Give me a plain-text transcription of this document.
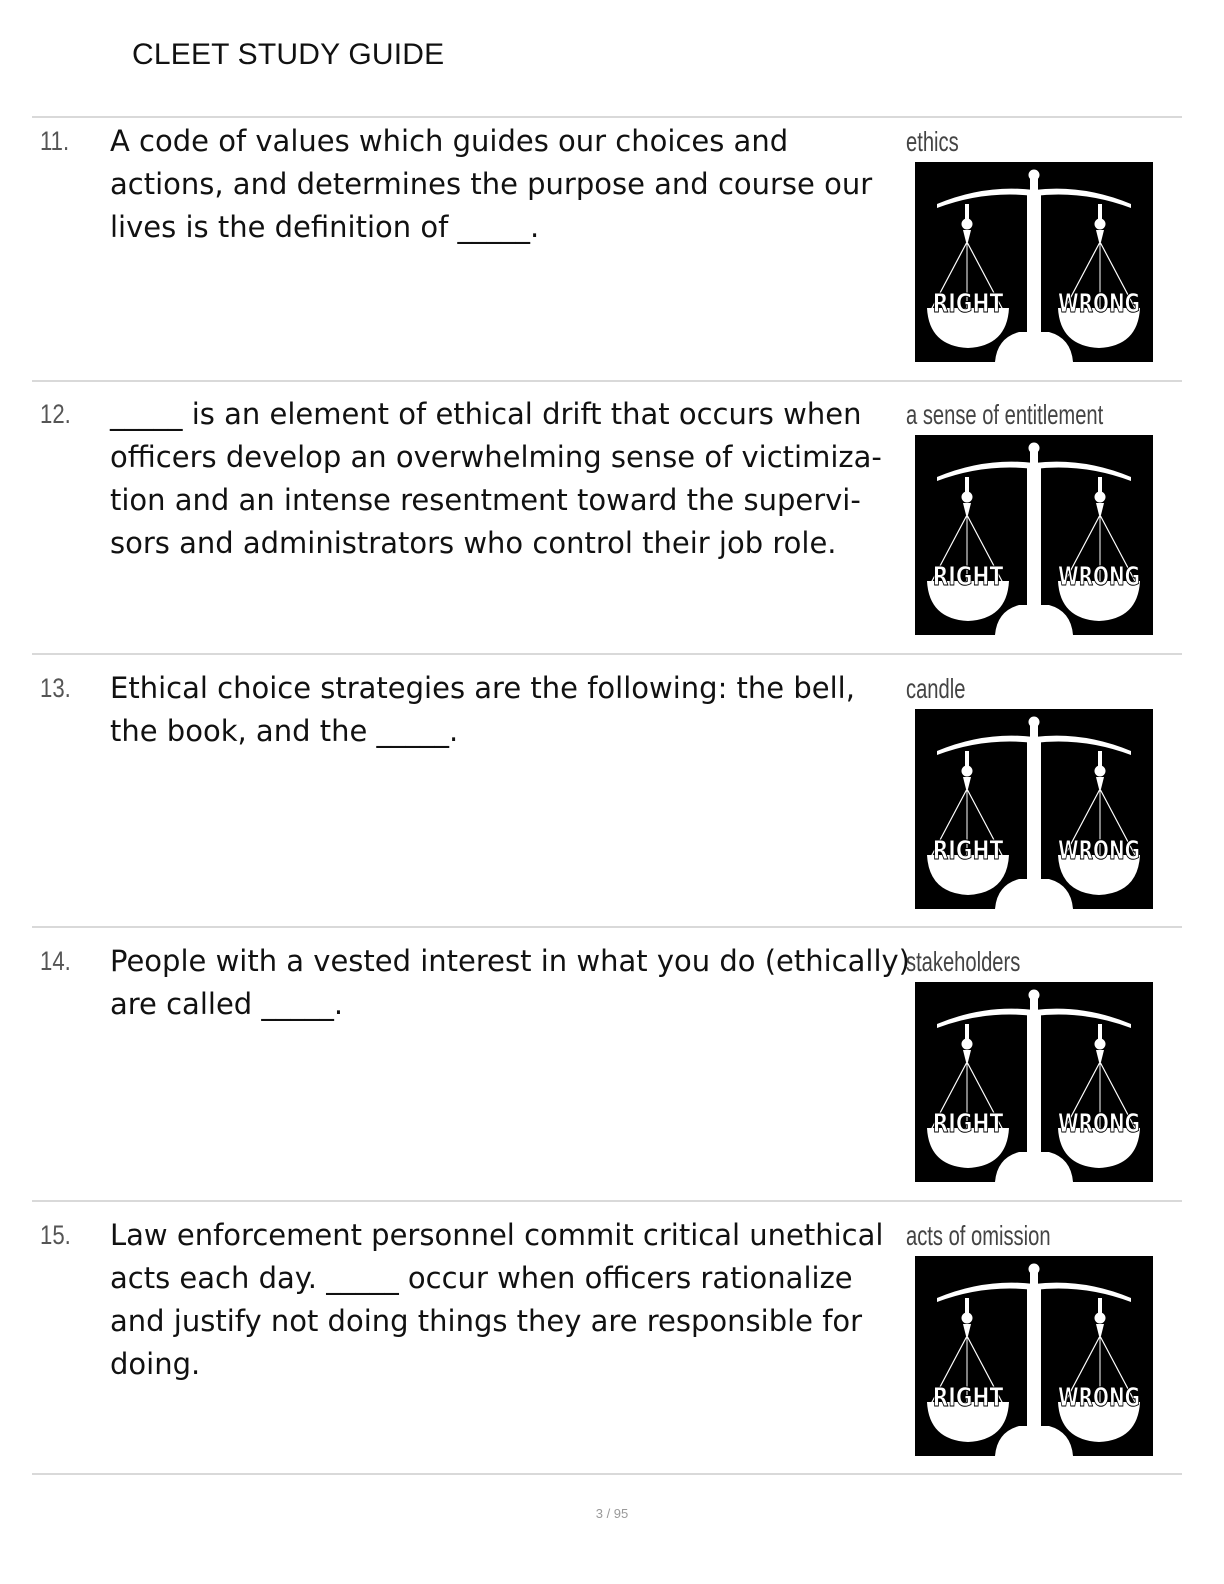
CLEET STUDY GUIDE
11. A code of values which guides our choices and actions, and determines the purpose and course our lives is the definition of _____.
ethics
RIGHT WRONG
12. _____ is an element of ethical drift that occurs when officers develop an overwhelming sense of victimiza-tion and an intense resentment toward the supervi-sors and administrators who control their job role.
a sense of entitlement
RIGHT WRONG
13. Ethical choice strategies are the following: the bell, the book, and the _____.
candle
RIGHT WRONG
14. People with a vested interest in what you do (ethically) are called _____.
stakeholders
RIGHT WRONG
15. Law enforcement personnel commit critical unethical acts each day. _____ occur when officers rationalize and justify not doing things they are responsible for doing.
acts of omission
RIGHT WRONG
3 / 95
